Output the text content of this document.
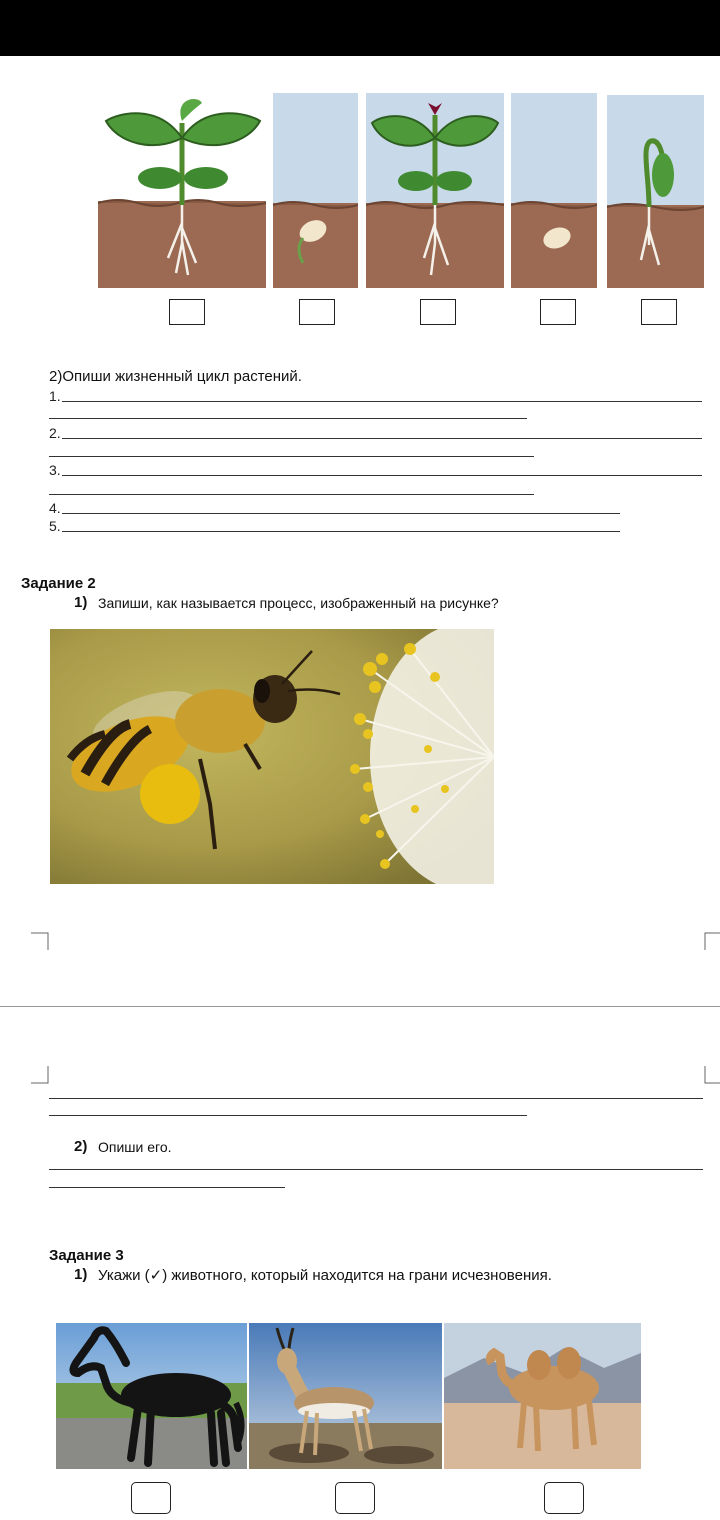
2)Опиши жизненный цикл растений.
1.
2.
3.
4.
5.
Задание 2
1) Запиши, как называется процесс, изображенный на рисунке?
2) Опиши его.
Задание 3
1) Укажи (✓) животного, который находится на грани исчезновения.
